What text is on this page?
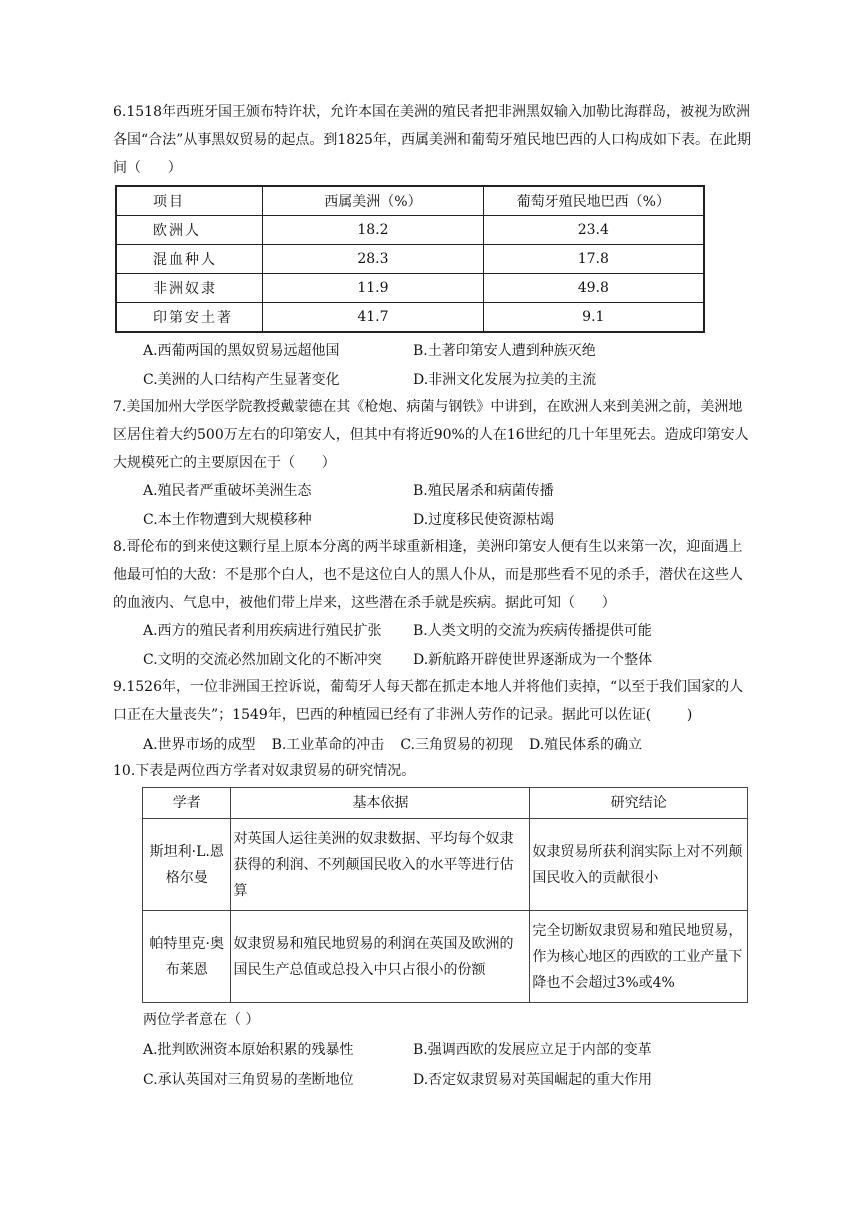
6.1518年西班牙国王颁布特许状，允许本国在美洲的殖民者把非洲黑奴输入加勒比海群岛，被视为欧洲各国“合法”从事黑奴贸易的起点。到1825年，西属美洲和葡萄牙殖民地巴西的人口构成如下表。在此期间（      ）

项目	西属美洲（%）	葡萄牙殖民地巴西（%）
欧洲人	18.2	23.4
混血种人	28.3	17.8
非洲奴隶	11.9	49.8
印第安土著	41.7	9.1
A.西葡两国的黑奴贸易远超他国	B.土著印第安人遭到种族灭绝
C.美洲的人口结构产生显著变化	D.非洲文化发展为拉美的主流

7.美国加州大学医学院教授戴蒙德在其《枪炮、病菌与钢铁》中讲到，在欧洲人来到美洲之前，美洲地区居住着大约500万左右的印第安人，但其中有将近90%的人在16世纪的几十年里死去。造成印第安人大规模死亡的主要原因在于（      ）

A.殖民者严重破坏美洲生态	B.殖民屠杀和病菌传播
C.本土作物遭到大规模移种	D.过度移民使资源枯竭

8.哥伦布的到来使这颗行星上原本分离的两半球重新相逢，美洲印第安人便有生以来第一次，迎面遇上他最可怕的大敌：不是那个白人，也不是这位白人的黑人仆从，而是那些看不见的杀手，潜伏在这些人的血液内、气息中，被他们带上岸来，这些潜在杀手就是疾病。据此可知（      ）

A.西方的殖民者利用疾病进行殖民扩张 B.人类文明的交流为疾病传播提供可能
C.文明的交流必然加剧文化的不断冲突 D.新航路开辟使世界逐渐成为一个整体

9.1526年，一位非洲国王控诉说，葡萄牙人每天都在抓走本地人并将他们卖掉，“以至于我们国家的人口正在大量丧失”；1549年，巴西的种植园已经有了非洲人劳作的记录。据此可以佐证(        )

A.世界市场的成型 B.工业革命的冲击 C.三角贸易的初现 D.殖民体系的确立

10.下表是两位西方学者对奴隶贸易的研究情况。

学者	基本依据	研究结论
斯坦利·L.恩格尔曼	对英国人运往美洲的奴隶数据、平均每个奴隶获得的利润、不列颠国民收入的水平等进行估算	奴隶贸易所获利润实际上对不列颠国民收入的贡献很小
帕特里克·奥布莱恩	奴隶贸易和殖民地贸易的利润在英国及欧洲的国民生产总值或总投入中只占很小的份额	完全切断奴隶贸易和殖民地贸易，作为核心地区的西欧的工业产量下降也不会超过3%或4%
两位学者意在（ ）
A.批判欧洲资本原始积累的残暴性	B.强调西欧的发展应立足于内部的变革
C.承认英国对三角贸易的垄断地位	D.否定奴隶贸易对英国崛起的重大作用
